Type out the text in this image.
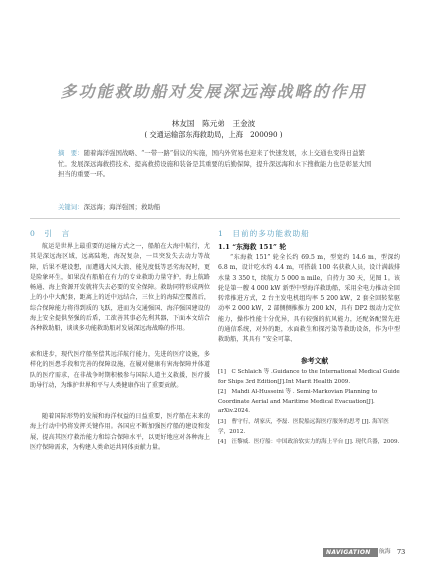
多功能救助船对发展深远海战略的作用
林友国　陈元弟　王金波
( 交通运输部东海救助局，上海　200090 )
摘　要：随着海洋强国战略、“一带一路”倡议的实施，国内外贸易也迎来了快速发展，水上交通也变得日益繁忙。发展深远海救捞技术、提高救捞设施和装备是其重要的后勤保障，提升深远海和水下搜救能力也是彰显大国担当的重要一环。
关键词：深远海；海洋强国；救助船
0　引　言
航运是世界上最重要的运输方式之一，船舶在大海中航行，尤其是深远海区域，远离陆地，海况复杂，一旦突发失去动力等故障，后果不堪设想，而遭遇大风大浪、能见度低等恶劣海况时，更是险象环生，如果没有船舶在有力的专业救助力量守护，海上航路畅通、海上资源开发就将失去必要的安全保障。救助同特形成两位上的小中大配套，距离上的近中远结合，三位上的海陆空覆盖后，综合保障能力将得到质的飞跃，进而为交通强国、海洋强国建设的海上安全提供坚强的后盾，工欲善其事必先利其器，下面本文结合各种救助船，谈谈多功能救助船对发展深远海战略的作用。
1　目前的多功能救助船
1.1 “东海救 151” 轮
“东海救 151” 轮全长约 69.5 m，型宽约 14.6 m，型深约 6.8 m，设计吃水约 4.4 m，可搭载 100 名获救人员，设计满载排水量 3 350 t，续航力 5 000 n mile，自持力 30 天，见图 1。该轮是第一艘 4 000 kW 新型中型海洋救助船，采用全电力推动全回转常推进方式，2 台主发电机组均率 5 200 kW，2 套全回转桨驱动率 2 000 kW，2 部侧侧推推力 200 kN，具有 DP2 级动力定位能力，操作性能十分优异，具有较强的抗风能力，还配备配置先进的通信系统，对外的距，水面救生和探污染等救助设备，作为中型救助船，其具有 “安全可靠、
索和进步，现代医疗船坚偿其远洋航行能力，先进的医疗设施，多样化的医患手段和完善的保障设施，在履对健康有害海保障并体道队的医疗需求，在非战争时期积极参与国际人道主义救援，医疗援助导行动，为维护世界和平与人类健康作出了重要贡献。
随着国际形势的发展和海洋权益的日益重要，医疗船在未来的海上行动中仍将发挥关键作用。各国应不断加强医疗船的建设和发展，提高其医疗救治能力和综合保障水平，以更好地应对各种海上医疗保障需求，为构建人类命运共同体贡献力量。
参考文献
[1]　C Schlaich 等 .Guidance to the International Medical Guide for Ships 3rd Edition[J].Int Marit Health 2009.
[2]　Mahdi Al-Husseini 等 . Semi-Markovian Planning to Coordinate Aerial and Maritime Medical Evacuation[J]. arXiv.2024.
[3]　曹守行，胡家庆，李磊．医院船远海医疗服务的思考 [J]. 海军医学，2012.
[4]　汪黎威．医疗船：中国政治软实力的海上平台 [J]. 现代兵器，2009.
NAVIGATION	航海 73
